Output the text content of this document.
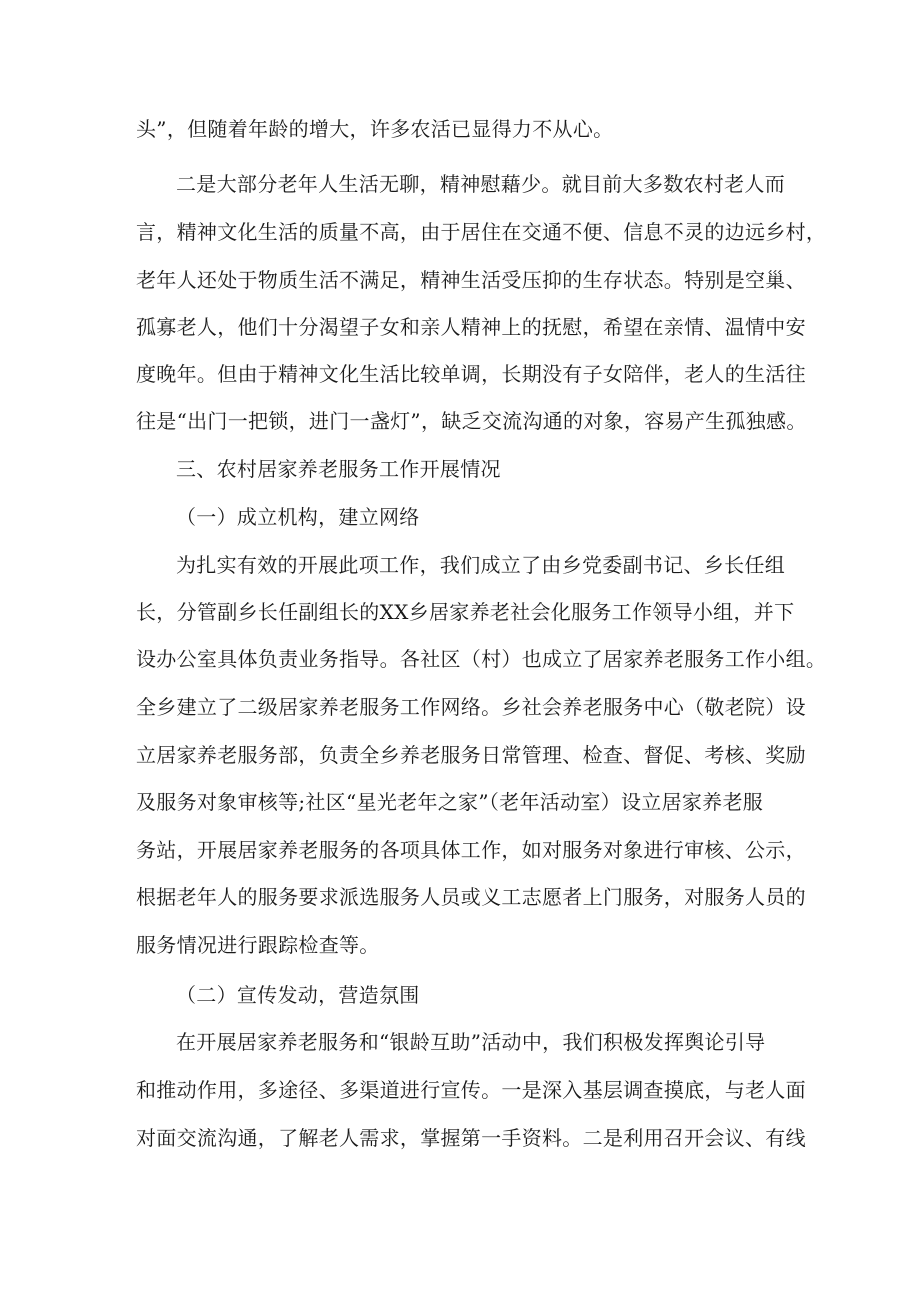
头”，但随着年龄的增大，许多农活已显得力不从心。
二是大部分老年人生活无聊，精神慰藉少。就目前大多数农村老人而
言，精神文化生活的质量不高，由于居住在交通不便、信息不灵的边远乡村，
老年人还处于物质生活不满足，精神生活受压抑的生存状态。特别是空巢、
孤寡老人，他们十分渴望子女和亲人精神上的抚慰，希望在亲情、温情中安
度晚年。但由于精神文化生活比较单调，长期没有子女陪伴，老人的生活往
往是“出门一把锁，进门一盏灯”，缺乏交流沟通的对象，容易产生孤独感。
三、农村居家养老服务工作开展情况
（一）成立机构，建立网络
为扎实有效的开展此项工作，我们成立了由乡党委副书记、乡长任组
长，分管副乡长任副组长的XX乡居家养老社会化服务工作领导小组，并下
设办公室具体负责业务指导。各社区（村）也成立了居家养老服务工作小组。
全乡建立了二级居家养老服务工作网络。乡社会养老服务中心（敬老院）设
立居家养老服务部，负责全乡养老服务日常管理、检查、督促、考核、奖励
及服务对象审核等;社区“星光老年之家”（老年活动室）设立居家养老服
务站，开展居家养老服务的各项具体工作，如对服务对象进行审核、公示，
根据老年人的服务要求派选服务人员或义工志愿者上门服务，对服务人员的
服务情况进行跟踪检查等。
（二）宣传发动，营造氛围
在开展居家养老服务和“银龄互助”活动中，我们积极发挥舆论引导
和推动作用，多途径、多渠道进行宣传。一是深入基层调查摸底，与老人面
对面交流沟通，了解老人需求，掌握第一手资料。二是利用召开会议、有线
